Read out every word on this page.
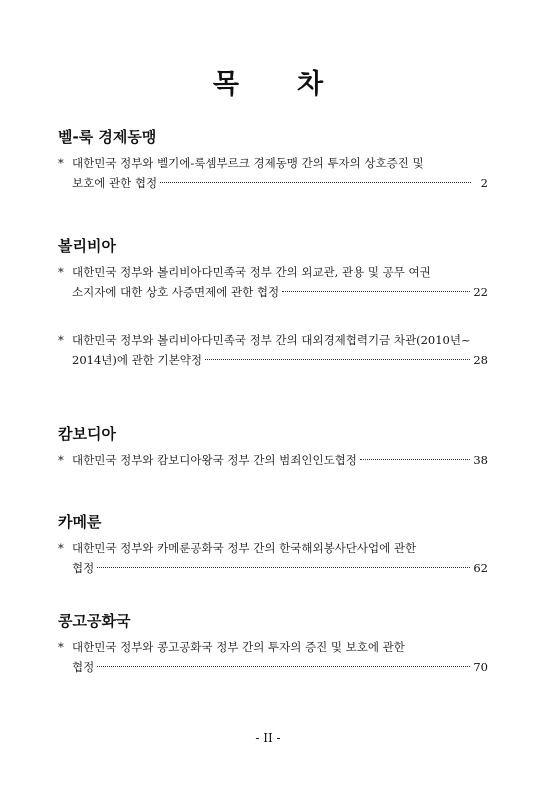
목 차
벨-룩 경제동맹
* 대한민국 정부와 벨기에-룩셈부르크 경제동맹 간의 투자의 상호증진 및
보호에 관한 협정	2
볼리비아
* 대한민국 정부와 볼리비아다민족국 정부 간의 외교관, 관용 및 공무 여권
소지자에 대한 상호 사증면제에 관한 협정	22
* 대한민국 정부와 볼리비아다민족국 정부 간의 대외경제협력기금 차관(2010년~
2014년)에 관한 기본약정	28
캄보디아
* 대한민국 정부와 캄보디아왕국 정부 간의 범죄인인도협정	38
카메룬
* 대한민국 정부와 카메룬공화국 정부 간의 한국해외봉사단사업에 관한
협정	62
콩고공화국
* 대한민국 정부와 콩고공화국 정부 간의 투자의 증진 및 보호에 관한
협정	70
- II -
